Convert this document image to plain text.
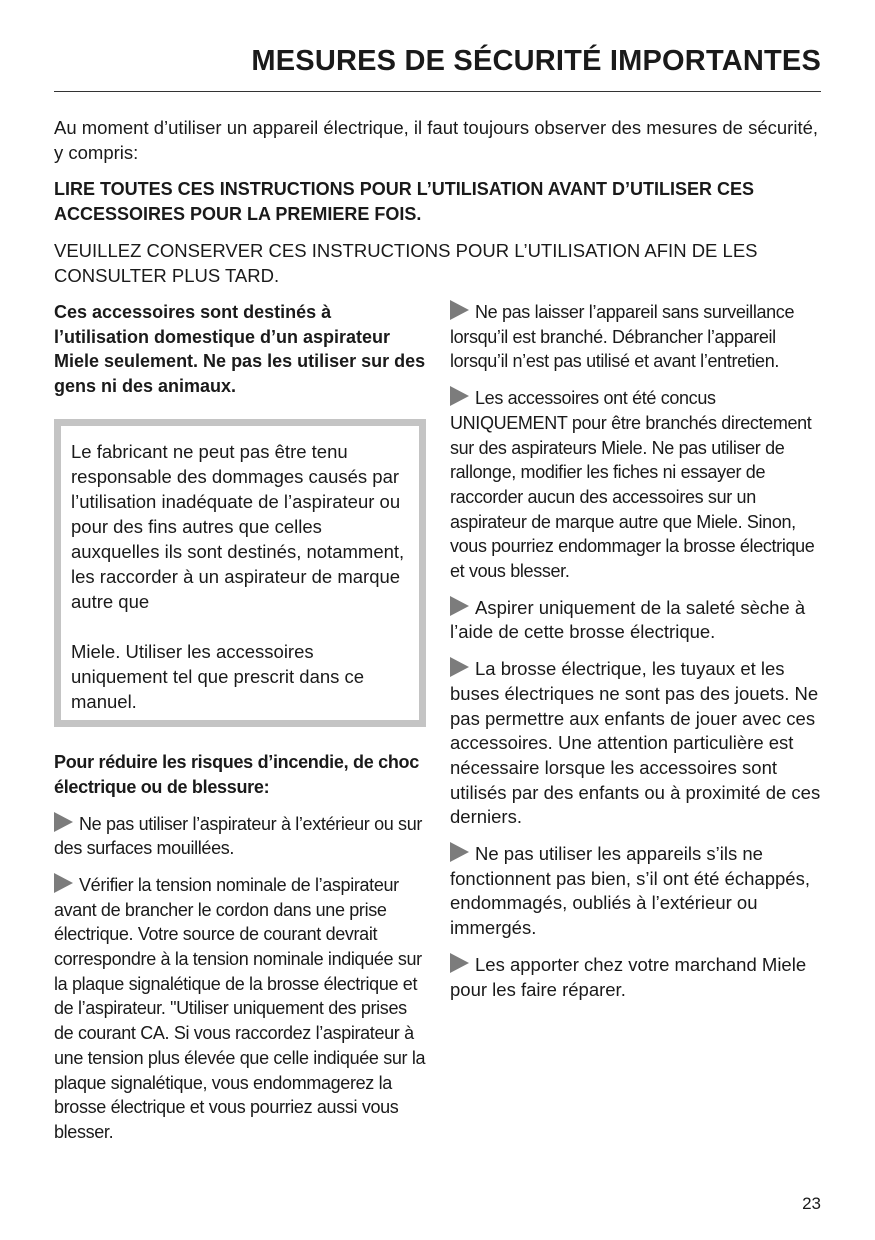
MESURES DE SÉCURITÉ IMPORTANTES

Au moment d’utiliser un appareil électrique, il faut toujours observer des mesures de sécurité, y compris:

LIRE TOUTES CES INSTRUCTIONS POUR L’UTILISATION AVANT D’UTILISER CES ACCESSOIRES POUR LA PREMIERE FOIS.

VEUILLEZ CONSERVER CES INSTRUCTIONS POUR L’UTILISATION AFIN DE LES CONSULTER PLUS TARD.

Ces accessoires sont destinés à l’utilisation domestique d’un aspirateur Miele seulement. Ne pas les utiliser sur des gens ni des animaux.

Le fabricant ne peut pas être tenu responsable des dommages causés par l’utilisation inadéquate de l’aspirateur ou pour des fins autres que celles auxquelles ils sont destinés, notamment, les raccorder à un aspirateur de marque autre que

Miele. Utiliser les accessoires uniquement tel que prescrit dans ce manuel.

Pour réduire les risques d’incendie, de choc électrique ou de blessure:

Ne pas utiliser l’aspirateur à l’extérieur ou sur des surfaces mouillées.

Vérifier la tension nominale de l’aspirateur avant de brancher le cordon dans une prise électrique. Votre source de courant devrait correspondre à la tension nominale indiquée sur la plaque signalétique de la brosse électrique et de l’aspirateur. "Utiliser uniquement des prises de courant CA. Si vous raccordez l’aspirateur à une tension plus élevée que celle indiquée sur la plaque signalétique, vous endommagerez la brosse électrique et vous pourriez aussi vous blesser.

Ne pas laisser l’appareil sans surveillance lorsqu’il est branché. Débrancher l’appareil lorsqu’il n’est pas utilisé et avant l’entretien.

Les accessoires ont été concus UNIQUEMENT pour être branchés directement sur des aspirateurs Miele. Ne pas utiliser de rallonge, modifier les fiches ni essayer de raccorder aucun des accessoires sur un aspirateur de marque autre que Miele. Sinon, vous pourriez endommager la brosse électrique et vous blesser.

Aspirer uniquement de la saleté sèche à l’aide de cette brosse électrique.

La brosse électrique, les tuyaux et les buses électriques ne sont pas des jouets. Ne pas permettre aux enfants de jouer avec ces accessoires. Une attention particulière est nécessaire lorsque les accessoires sont utilisés par des enfants ou à proximité de ces derniers.

Ne pas utiliser les appareils s’ils ne fonctionnent pas bien, s’il ont été échappés, endommagés, oubliés à l’extérieur ou immergés.

Les apporter chez votre marchand Miele pour les faire réparer.

23
